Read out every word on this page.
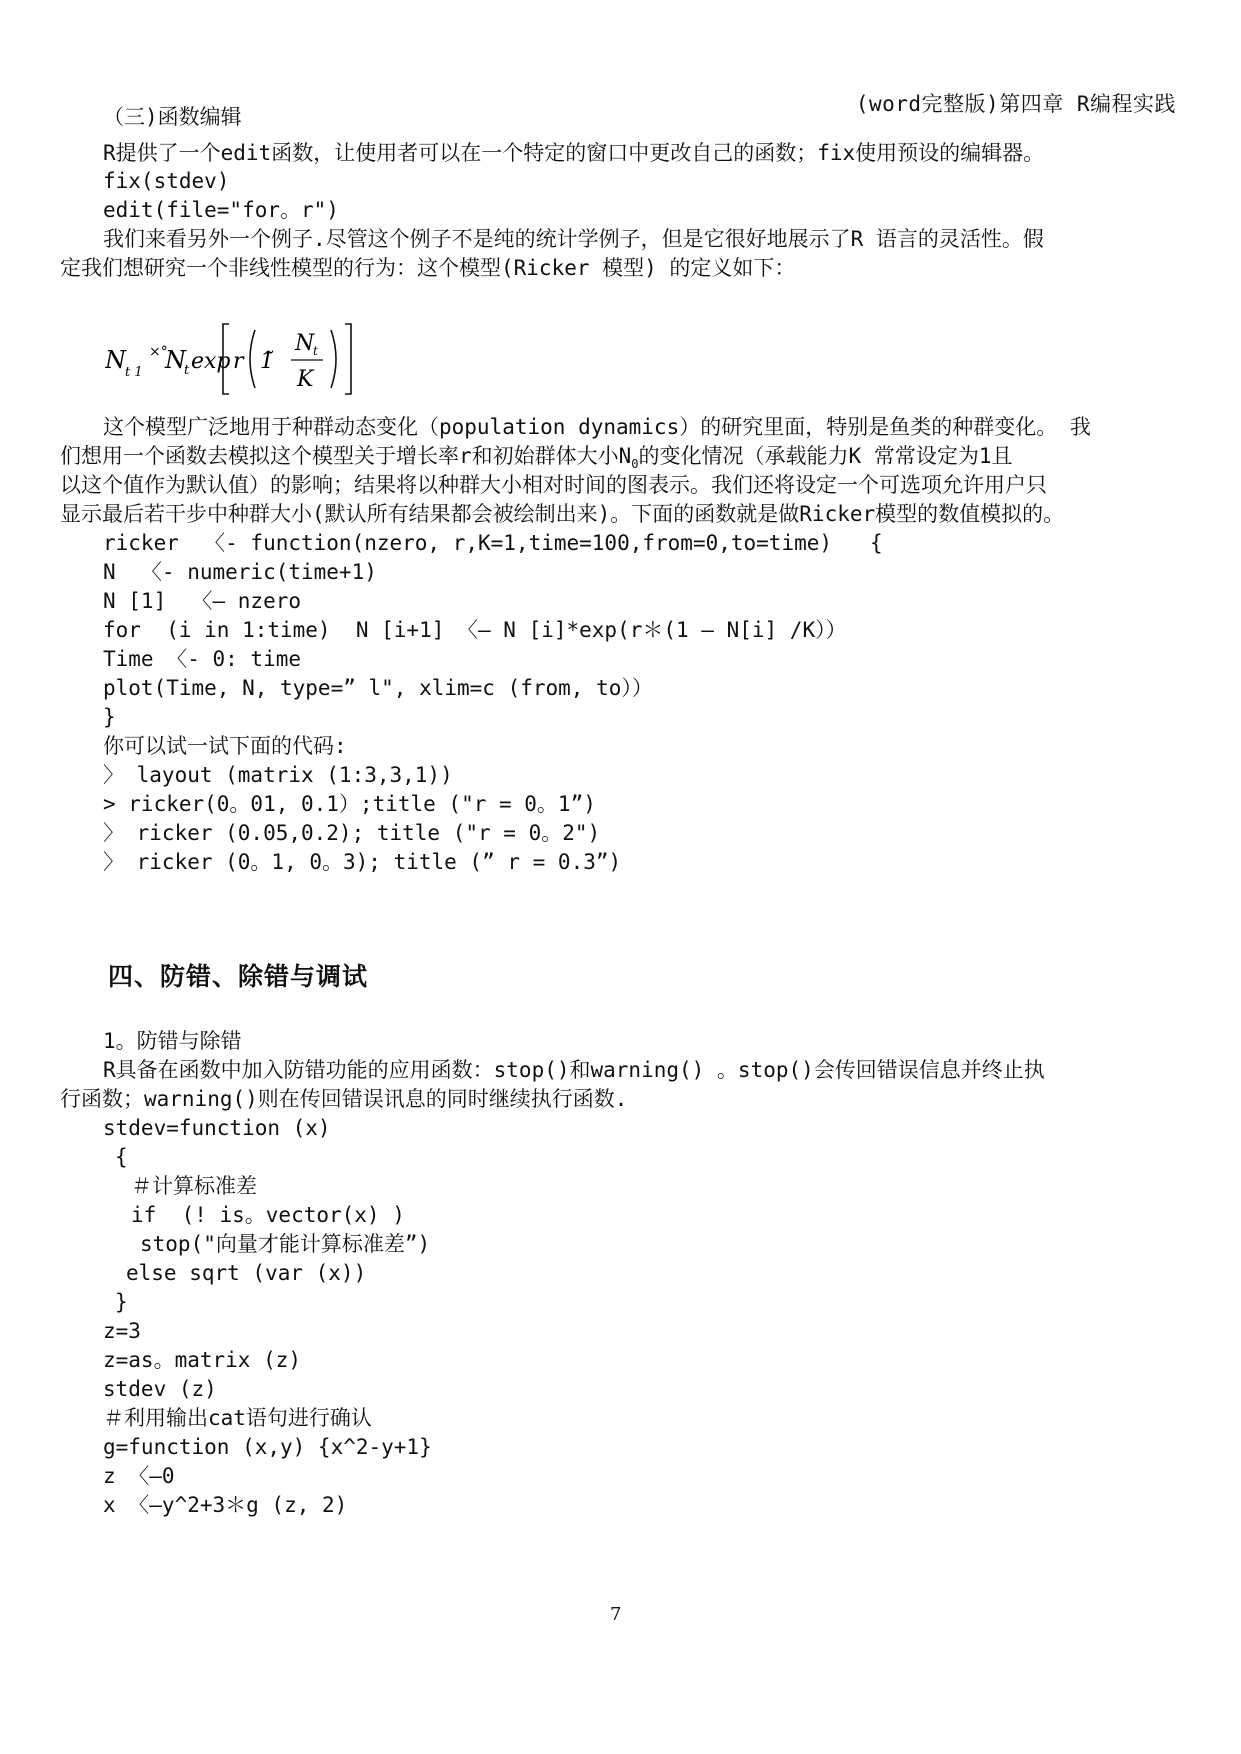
(word完整版)第四章 R编程实践
（三)函数编辑
R提供了一个edit函数，让使用者可以在一个特定的窗口中更改自己的函数；fix使用预设的编辑器。
fix(stdev)
edit(file="for。r")
我们来看另外一个例子.尽管这个例子不是纯的统计学例子，但是它很好地展示了R 语言的灵活性。假
定我们想研究一个非线性模型的行为：这个模型(Ricker 模型) 的定义如下：
N t 1
×°
N
t exp r 1̃
N
t
K
这个模型广泛地用于种群动态变化（population dynamics）的研究里面，特别是鱼类的种群变化。 我
们想用一个函数去模拟这个模型关于增长率r和初始群体大小$N_0$的变化情况（承载能力K 常常设定为1且
以这个值作为默认值）的影响；结果将以种群大小相对时间的图表示。我们还将设定一个可选项允许用户只
显示最后若干步中种群大小(默认所有结果都会被绘制出来)。下面的函数就是做Ricker模型的数值模拟的。
ricker  〈- function(nzero, r,K=1,time=100,from=0,to=time)   {
N  〈- numeric(time+1)
N [1]  〈— nzero
for  (i in 1:time)  N [i+1] 〈— N [i]*exp(r＊(1 — N[i] /K））
Time 〈- 0: time
plot(Time, N, type=” l", xlim=c (from, to））
}
你可以试一试下面的代码:
〉 layout (matrix (1:3,3,1))
> ricker(0。01, 0.1）;title ("r = 0。1”)
〉 ricker (0.05,0.2); title ("r = 0。2")
〉 ricker (0。1, 0。3); title (” r = 0.3”)
四、防错、除错与调试
1。防错与除错
R具备在函数中加入防错功能的应用函数：stop()和warning() 。stop()会传回错误信息并终止执
行函数；warning()则在传回错误讯息的同时继续执行函数.
stdev=function (x)
{
＃计算标准差
if  (! is。vector(x) )
stop("向量才能计算标准差”)
else sqrt (var (x))
}
z=3
z=as。matrix (z)
stdev (z)
＃利用输出cat语句进行确认
g=function (x,y) {x^2-y+1}
z 〈—0
x 〈—y^2+3＊g (z, 2)
7
